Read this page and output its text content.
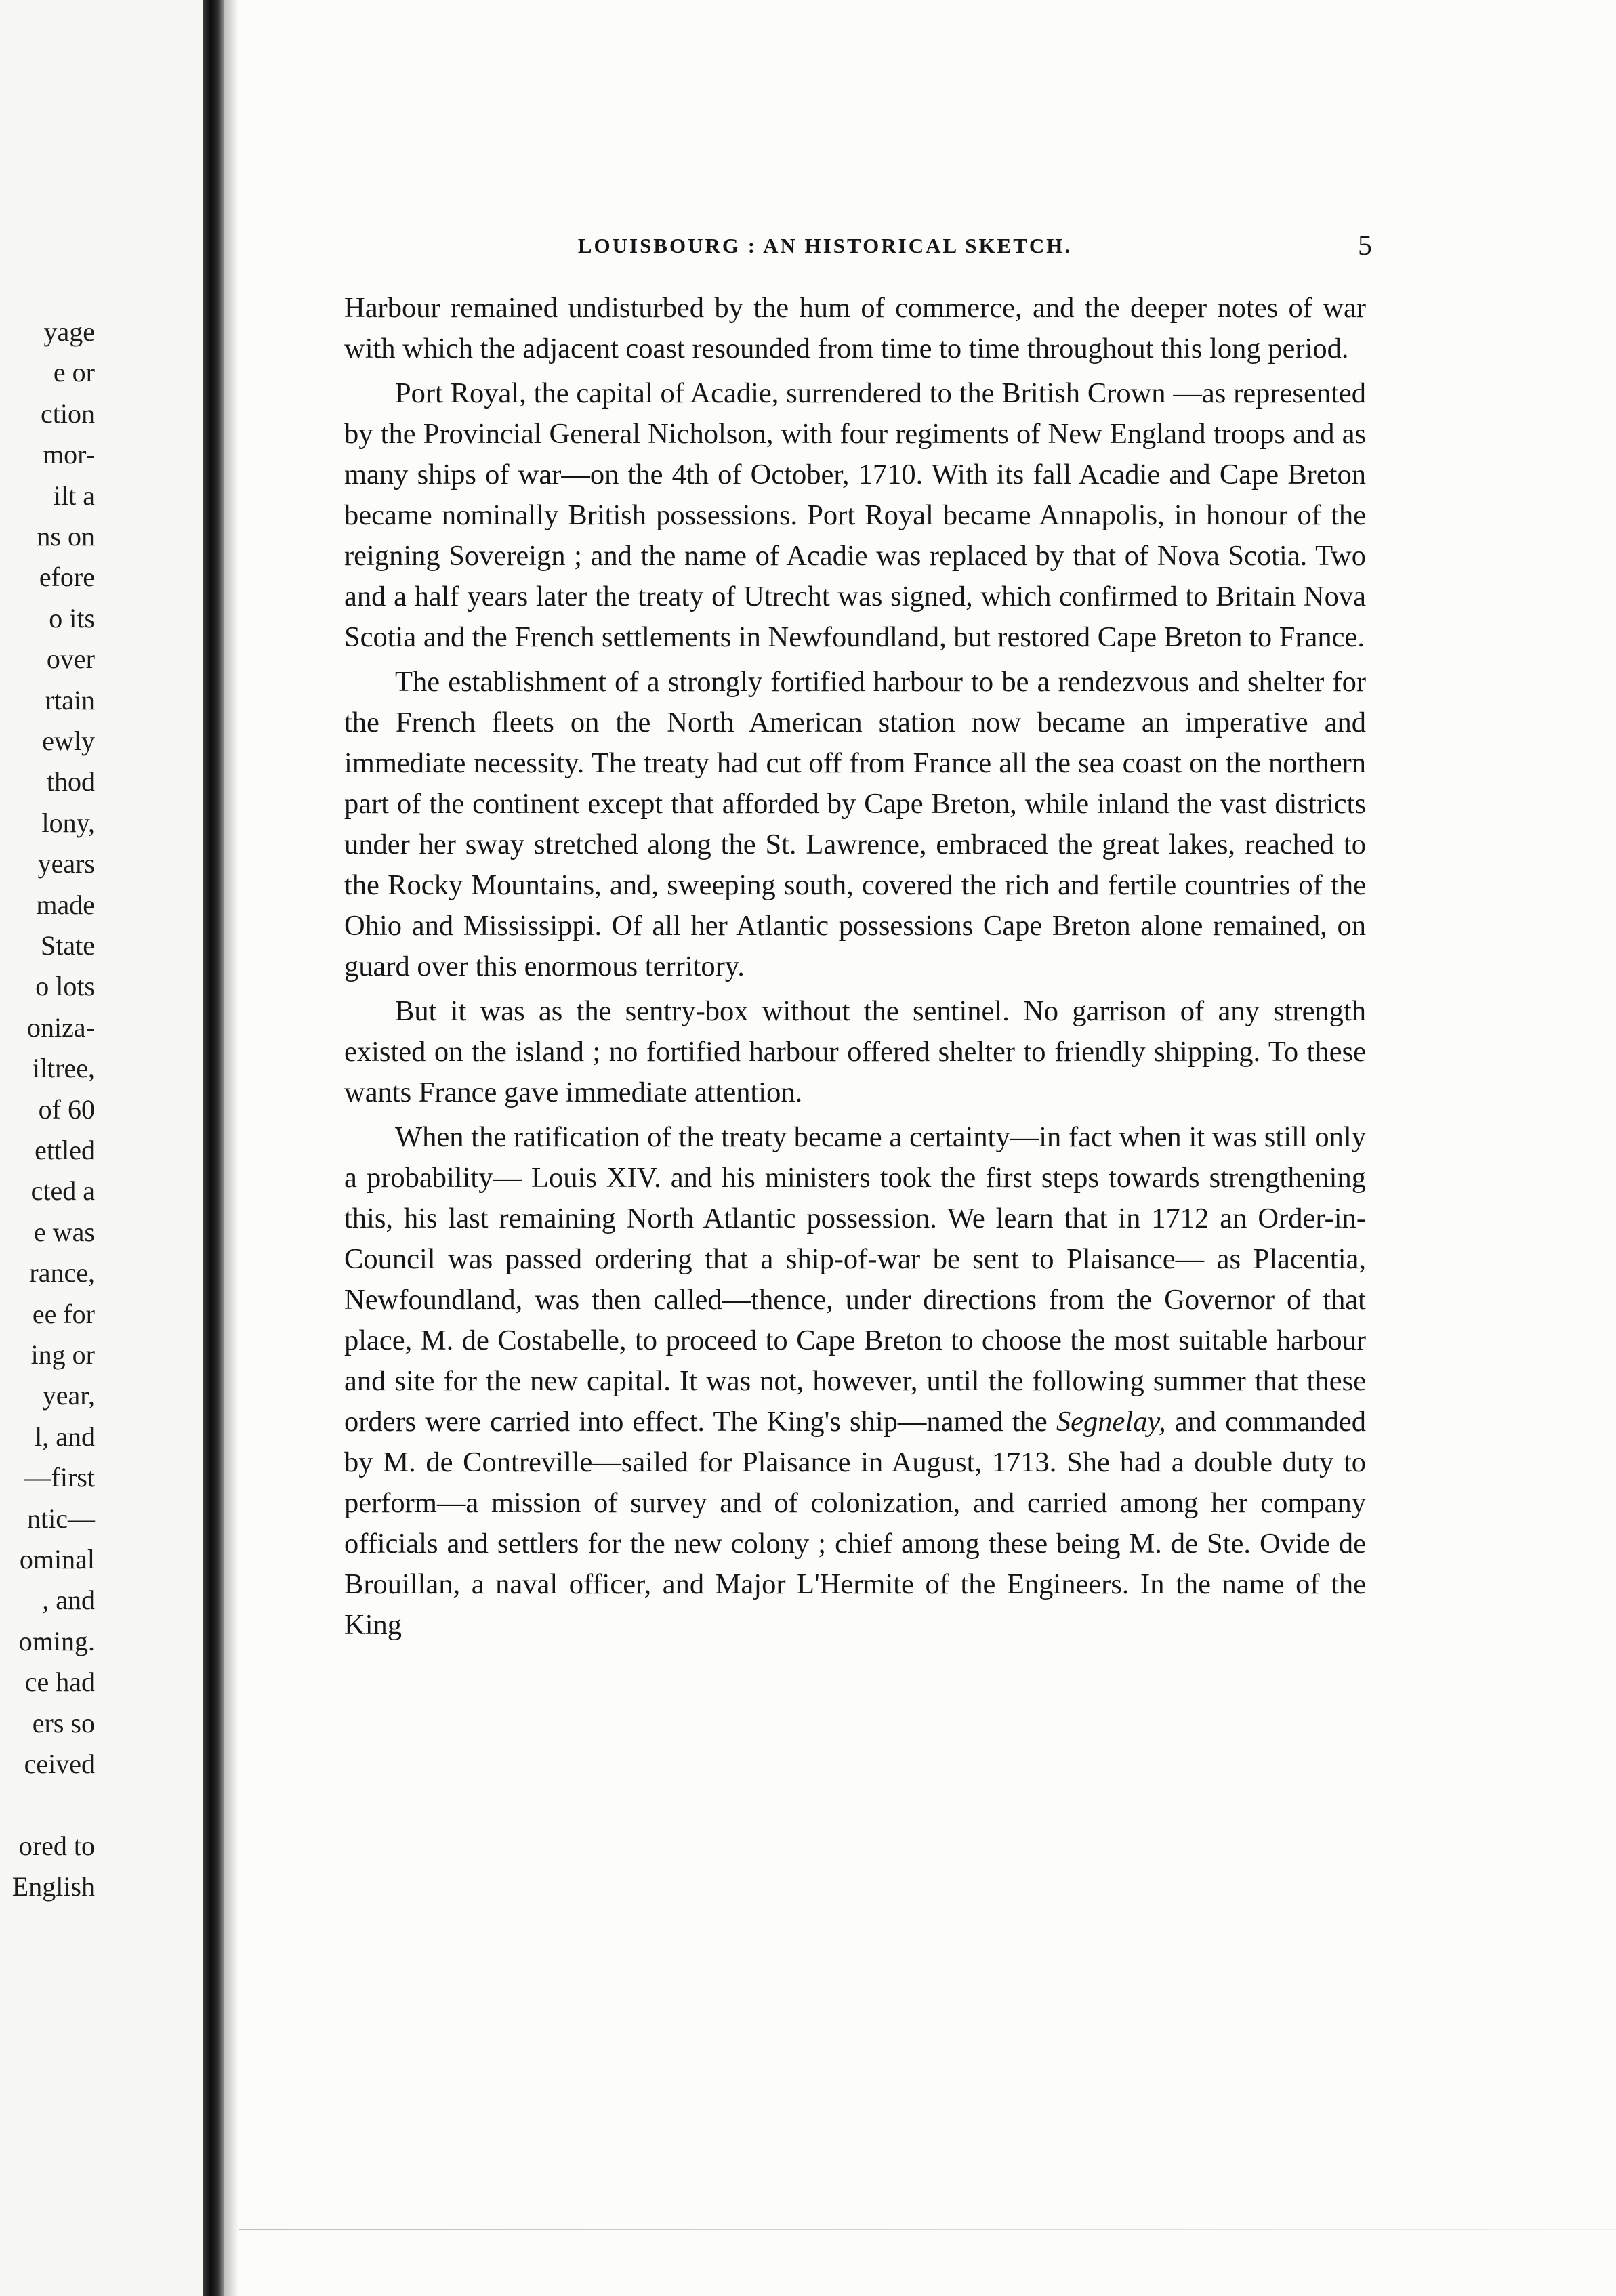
yage
e or
ction
mor-
ilt a
ns on
efore
o its
over
rtain
ewly
thod
lony,
years
made
State
o lots
oniza-
iltree,
of 60
ettled
cted a
e was
rance,
ee for
ing or
year,
l, and
—first
ntic—
ominal
, and
oming.
ce had
ers so
ceived
ored to
English
LOUISBOURG : AN HISTORICAL SKETCH.	5

Harbour remained undisturbed by the hum of commerce, and the deeper notes of war with which the adjacent coast resounded from time to time throughout this long period.

Port Royal, the capital of Acadie, surrendered to the British Crown —as represented by the Provincial General Nicholson, with four regiments of New England troops and as many ships of war—on the 4th of October, 1710. With its fall Acadie and Cape Breton became nominally British possessions. Port Royal became Annapolis, in honour of the reigning Sovereign ; and the name of Acadie was replaced by that of Nova Scotia. Two and a half years later the treaty of Utrecht was signed, which confirmed to Britain Nova Scotia and the French settlements in Newfoundland, but restored Cape Breton to France.

The establishment of a strongly fortified harbour to be a rendezvous and shelter for the French fleets on the North American station now became an imperative and immediate necessity. The treaty had cut off from France all the sea coast on the northern part of the continent except that afforded by Cape Breton, while inland the vast districts under her sway stretched along the St. Lawrence, embraced the great lakes, reached to the Rocky Mountains, and, sweeping south, covered the rich and fertile countries of the Ohio and Mississippi. Of all her Atlantic possessions Cape Breton alone remained, on guard over this enormous territory.

But it was as the sentry-box without the sentinel. No garrison of any strength existed on the island ; no fortified harbour offered shelter to friendly shipping. To these wants France gave immediate attention.

When the ratification of the treaty became a certainty—in fact when it was still only a probability— Louis XIV. and his ministers took the first steps towards strengthening this, his last remaining North Atlantic possession. We learn that in 1712 an Order-in-Council was passed ordering that a ship-of-war be sent to Plaisance— as Placentia, Newfoundland, was then called—thence, under directions from the Governor of that place, M. de Costabelle, to proceed to Cape Breton to choose the most suitable harbour and site for the new capital. It was not, however, until the following summer that these orders were carried into effect. The King's ship—named the Segnelay, and commanded by M. de Contreville—sailed for Plaisance in August, 1713. She had a double duty to perform—a mission of survey and of colonization, and carried among her company officials and settlers for the new colony ; chief among these being M. de Ste. Ovide de Brouillan, a naval officer, and Major L'Hermite of the Engineers. In the name of the King
